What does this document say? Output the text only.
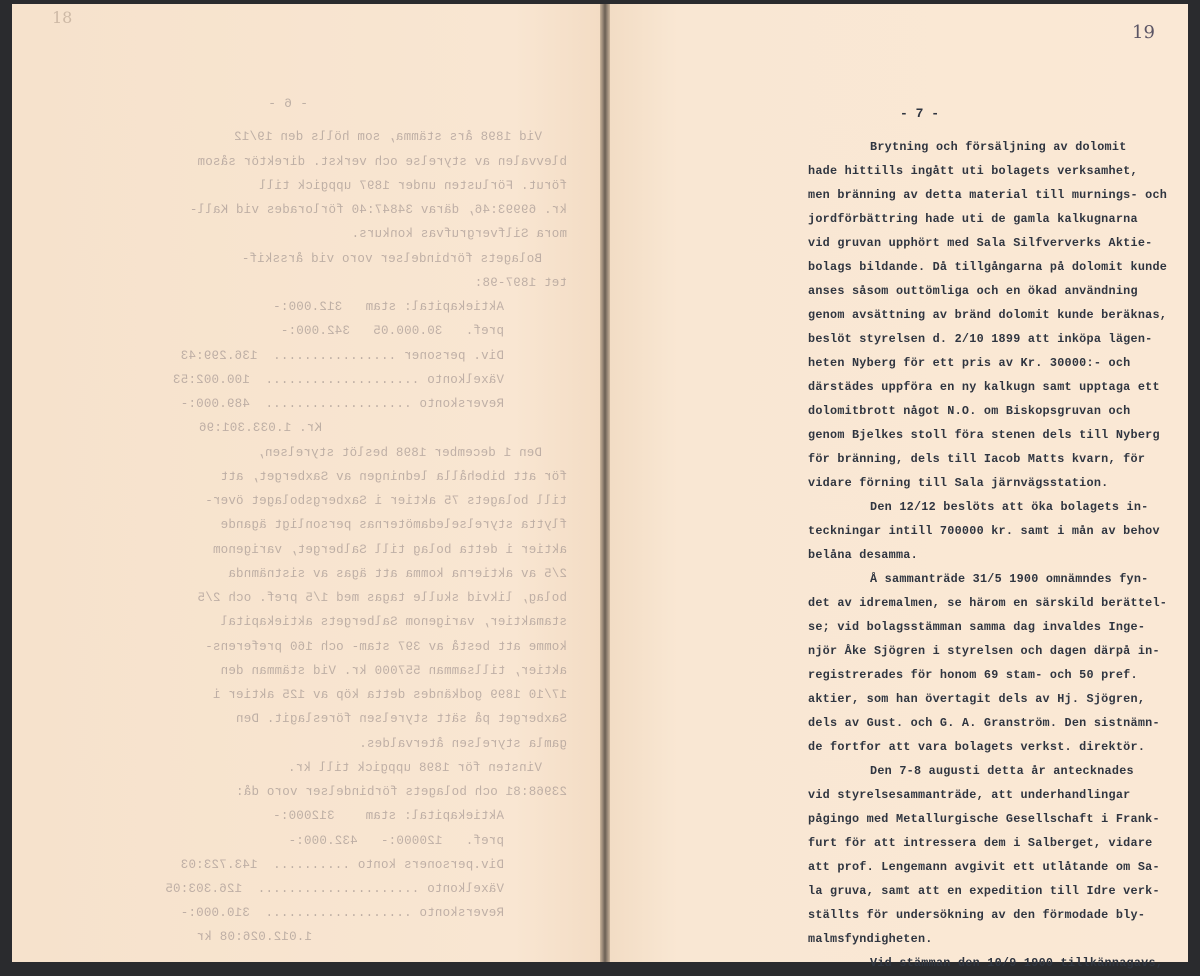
18
19
- 6 -
Vid 1898 års stämma, som hölls den 19/12
blevvalen av styrelse och verkst. direktör såsom
förut. Förlusten under 1897 uppgick till
kr. 69993:46, därav 34847:40 förlorades vid Kall-
mora Silfvergrufvas konkurs.
Bolagets förbindelser voro vid årsskif-
tet 1897-98:
Aktiekapital: stam   312.000:-
pref.   30.000.05   342.000:-
Div. personer ................  136.299:43
Växelkonto ....................  100.002:53
Reverskonto ...................  489.000:-
Kr. 1.033.301:96
Den 1 december 1898 beslöt styrelsen,
för att bibehålla ledningen av Saxberget, att
till bolagets 75 aktier i Saxbergsbolaget över-
flytta styrelseledamöternas personligt ägande
aktier i detta bolag till Salberget, varigenom
2/5 av aktierna komma att ägas av sistnämnda
bolag, likvid skulle tagas med 1/5 pref. och 2/5
stamaktier, varigenom Salbergets aktiekapital
komme att bestå av 397 stam- och 160 preferens-
aktier, tillsamman 557000 kr. Vid stämman den
17/10 1899 godkändes detta köp av 125 aktier i
Saxberget på sätt styrelsen föreslagit. Den
gamla styrelsen återvaldes.
Vinsten för 1898 uppgick till kr.
23968:81 och bolagets förbindelser voro då:
Aktiekapital: stam    312000:-
pref.   120000:-   432.000:-
Div.personers konto ..........  143.723:03
Växelkonto .....................  126.303:05
Reverskonto ...................  310.000:-
1.012.026:08 kr
- 7 -
Brytning och försäljning av dolomit
hade hittills ingått uti bolagets verksamhet,
men bränning av detta material till murnings- och
jordförbättring hade uti de gamla kalkugnarna
vid gruvan upphört med Sala Silfververks Aktie-
bolags bildande. Då tillgångarna på dolomit kunde
anses såsom outtömliga och en ökad användning
genom avsättning av bränd dolomit kunde beräknas,
beslöt styrelsen d. 2/10 1899 att inköpa lägen-
heten Nyberg för ett pris av Kr. 30000:- och
därstädes uppföra en ny kalkugn samt upptaga ett
dolomitbrott något N.O. om Biskopsgruvan och
genom Bjelkes stoll föra stenen dels till Nyberg
för bränning, dels till Iacob Matts kvarn, för
vidare förning till Sala järnvägsstation.
Den 12/12 beslöts att öka bolagets in-
teckningar intill 700000 kr. samt i mån av behov
belåna desamma.
Å sammanträde 31/5 1900 omnämndes fyn-
det av idremalmen, se härom en särskild berättel-
se; vid bolagsstämman samma dag invaldes Inge-
njör Åke Sjögren i styrelsen och dagen därpå in-
registrerades för honom 69 stam- och 50 pref.
aktier, som han övertagit dels av Hj. Sjögren,
dels av Gust. och G. A. Granström. Den sistnämn-
de fortfor att vara bolagets verkst. direktör.
Den 7-8 augusti detta år antecknades
vid styrelsesammanträde, att underhandlingar
pågingo med Metallurgische Gesellschaft i Frank-
furt för att intressera dem i Salberget, vidare
att prof. Lengemann avgivit ett utlåtande om Sa-
la gruva, samt att en expedition till Idre verk-
ställts för undersökning av den förmodade bly-
malmsfyndigheten.
Vid stämman den 10/9 1900 tillkännagavs,
